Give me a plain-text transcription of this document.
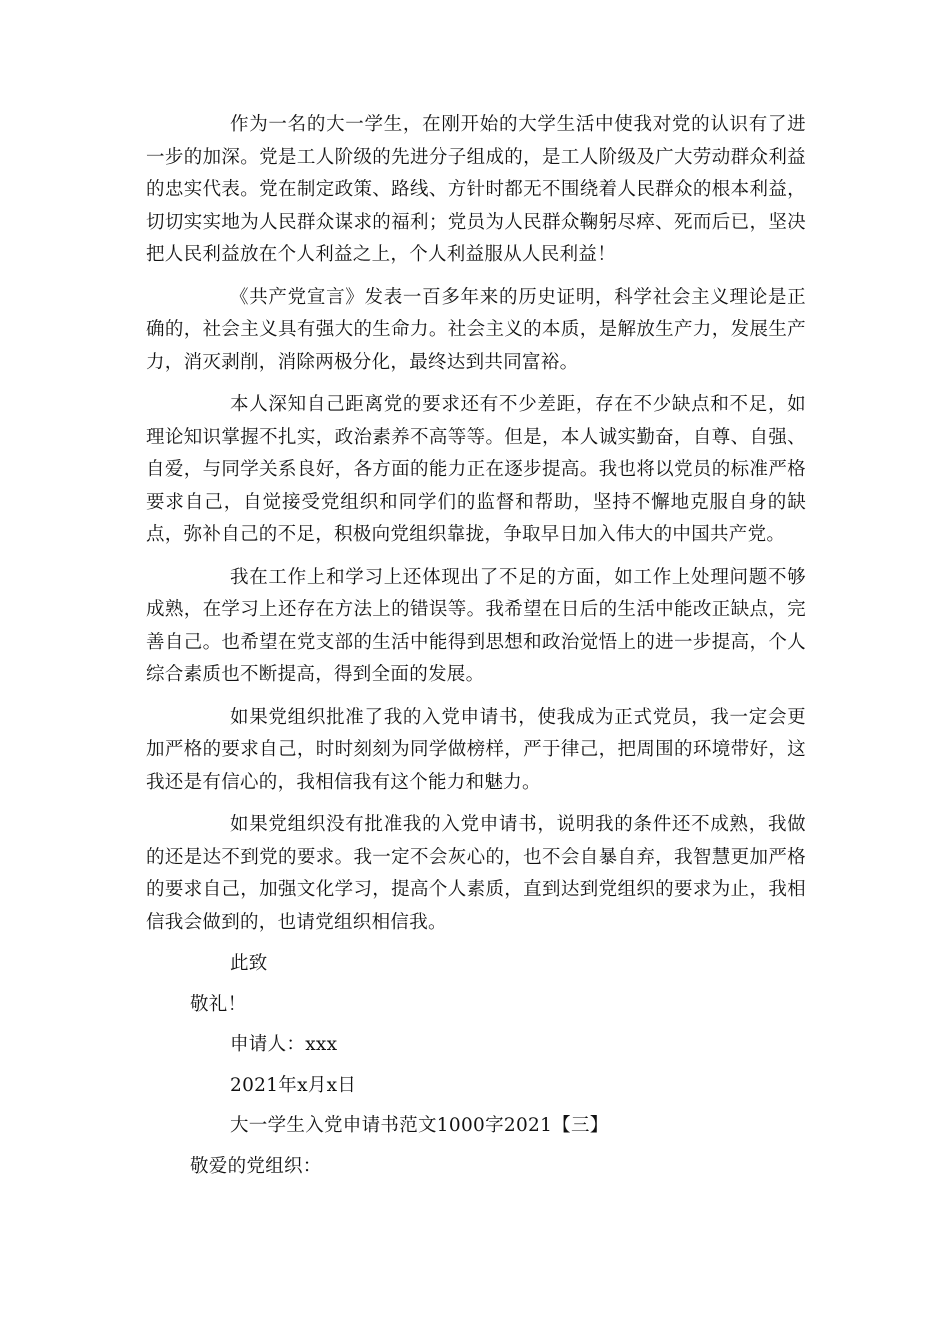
作为一名的大一学生，在刚开始的大学生活中使我对党的认识有了进一步的加深。党是工人阶级的先进分子组成的，是工人阶级及广大劳动群众利益的忠实代表。党在制定政策、路线、方针时都无不围绕着人民群众的根本利益，切切实实地为人民群众谋求的福利；党员为人民群众鞠躬尽瘁、死而后已，坚决把人民利益放在个人利益之上，个人利益服从人民利益！

《共产党宣言》发表一百多年来的历史证明，科学社会主义理论是正确的，社会主义具有强大的生命力。社会主义的本质，是解放生产力，发展生产力，消灭剥削，消除两极分化，最终达到共同富裕。

本人深知自己距离党的要求还有不少差距，存在不少缺点和不足，如理论知识掌握不扎实，政治素养不高等等。但是，本人诚实勤奋，自尊、自强、自爱，与同学关系良好，各方面的能力正在逐步提高。我也将以党员的标准严格要求自己，自觉接受党组织和同学们的监督和帮助，坚持不懈地克服自身的缺点，弥补自己的不足，积极向党组织靠拢，争取早日加入伟大的中国共产党。

我在工作上和学习上还体现出了不足的方面，如工作上处理问题不够成熟，在学习上还存在方法上的错误等。我希望在日后的生活中能改正缺点，完善自己。也希望在党支部的生活中能得到思想和政治觉悟上的进一步提高，个人综合素质也不断提高，得到全面的发展。

如果党组织批准了我的入党申请书，使我成为正式党员，我一定会更加严格的要求自己，时时刻刻为同学做榜样，严于律己，把周围的环境带好，这我还是有信心的，我相信我有这个能力和魅力。

如果党组织没有批准我的入党申请书，说明我的条件还不成熟，我做的还是达不到党的要求。我一定不会灰心的，也不会自暴自弃，我智慧更加严格的要求自己，加强文化学习，提高个人素质，直到达到党组织的要求为止，我相信我会做到的，也请党组织相信我。

此致
敬礼！
申请人：xxx
2021年x月x日
大一学生入党申请书范文1000字2021【三】
敬爱的党组织：
